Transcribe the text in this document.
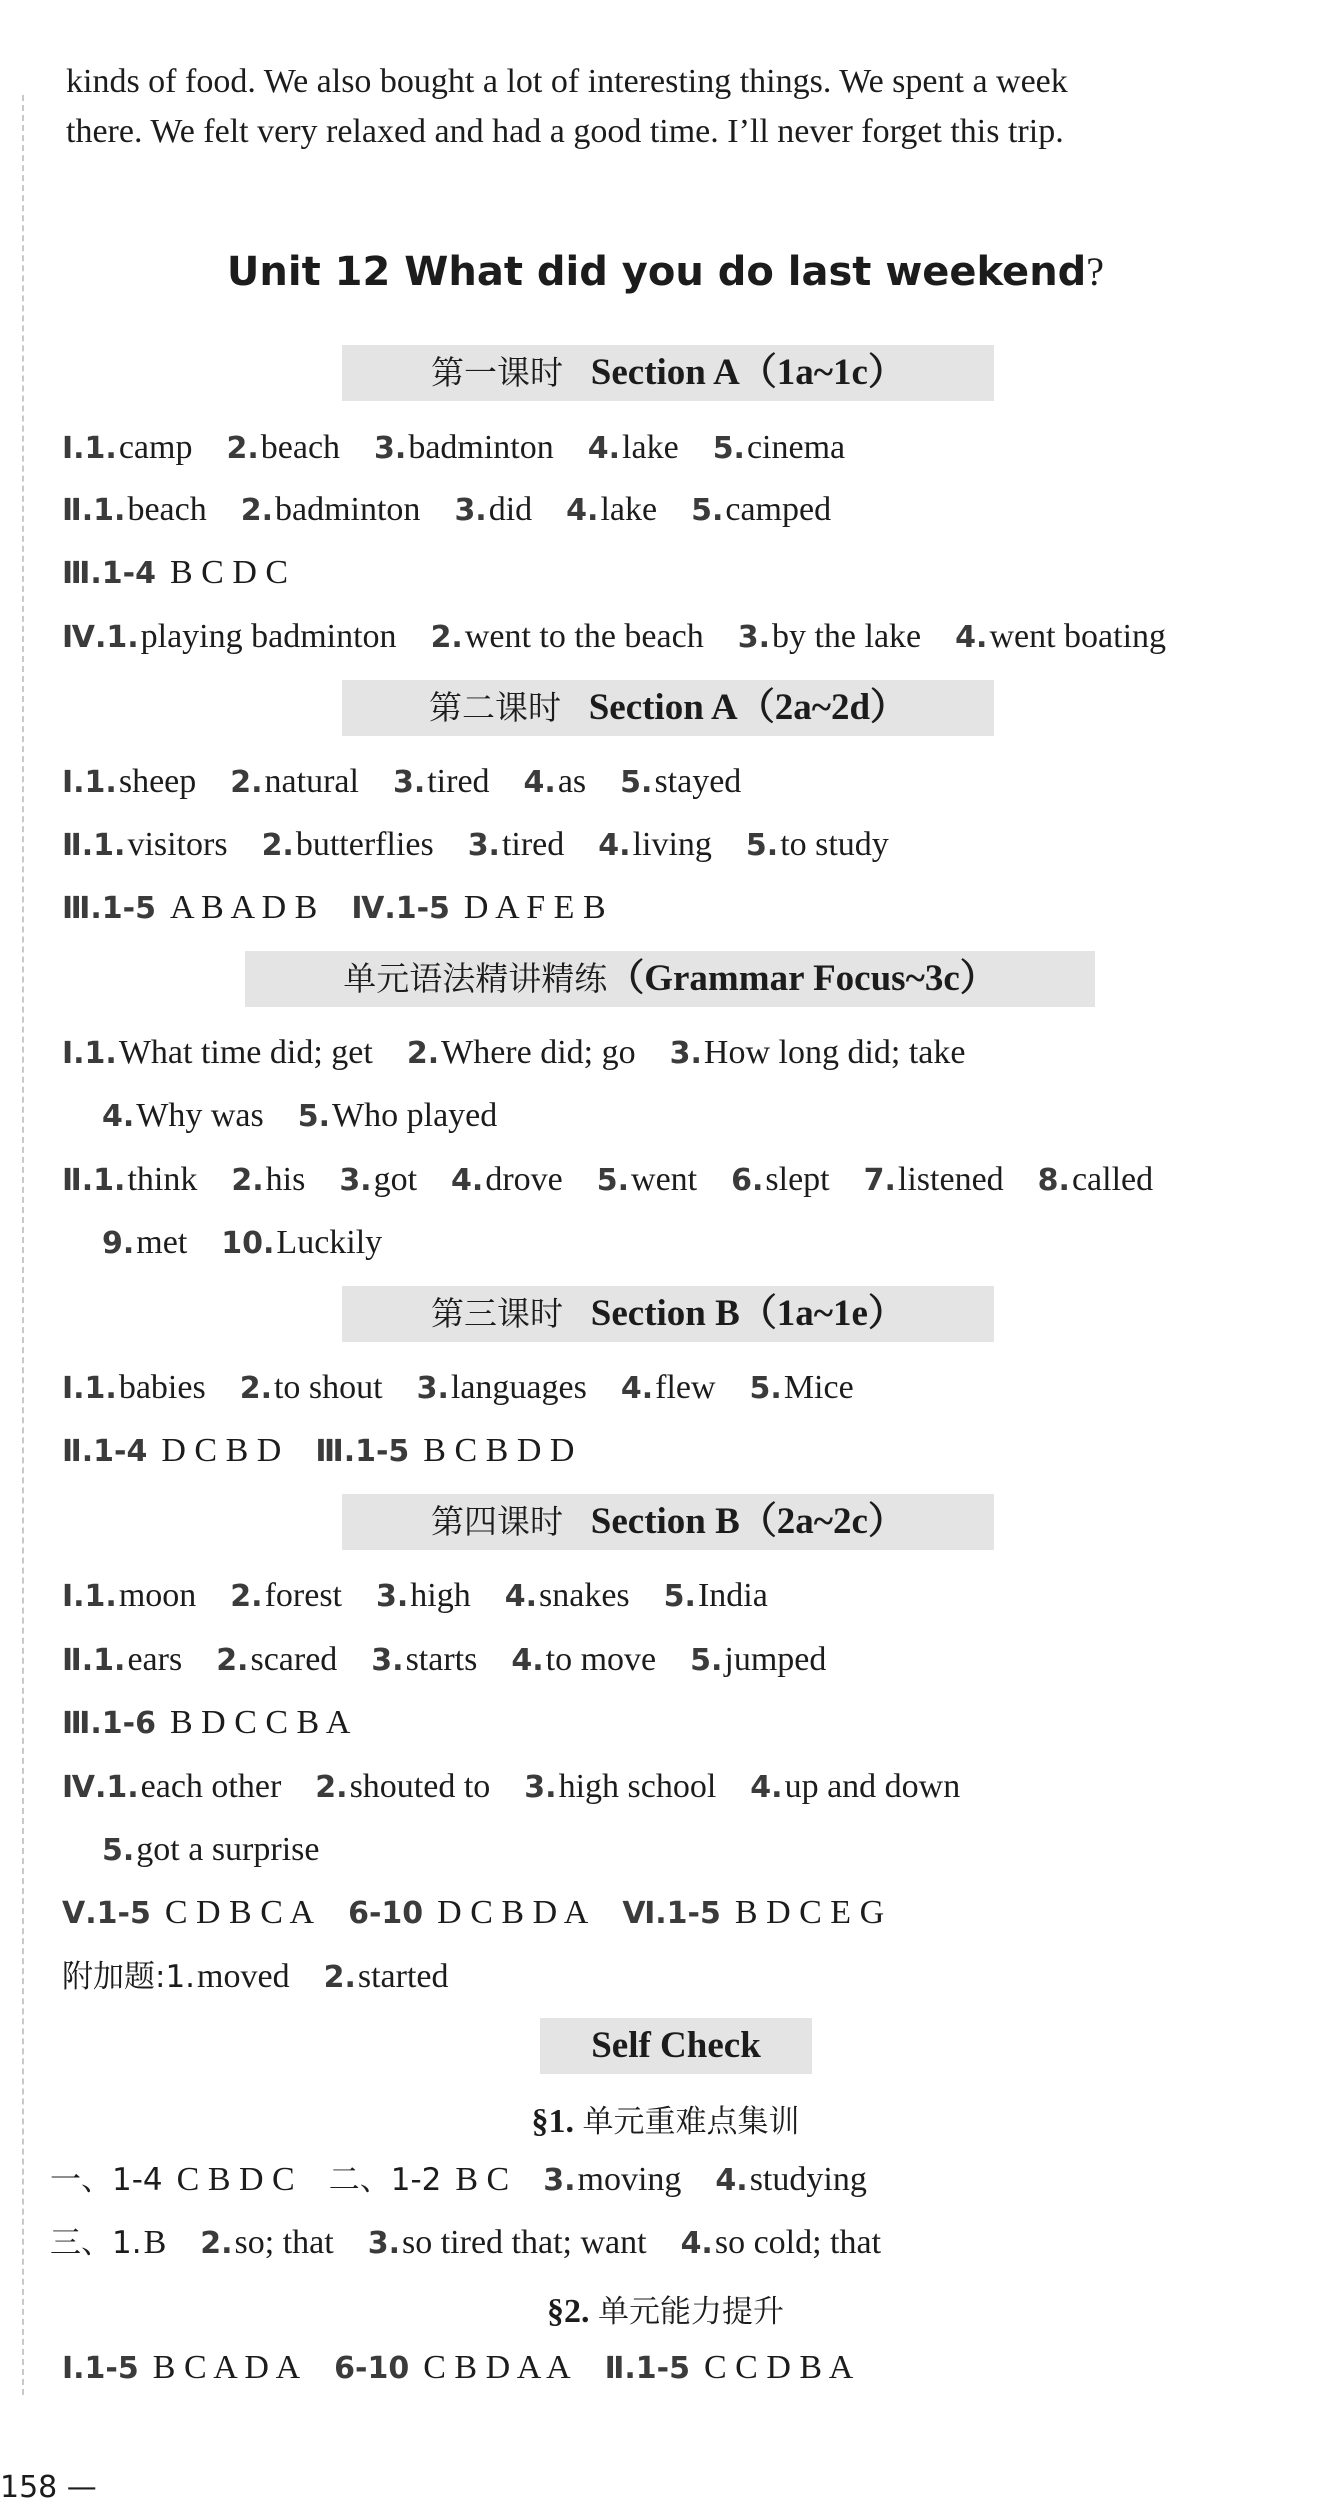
kinds of food. We also bought a lot of interesting things. We spent a week
there. We felt very relaxed and had a good time. I’ll never forget this trip.
Unit 12 What did you do last weekend?
第一课时 Section A（1a~1c）
Ⅰ.1.camp 2.beach 3.badminton 4.lake 5.cinema
Ⅱ.1.beach 2.badminton 3.did 4.lake 5.camped
Ⅲ.1-4 B C D C
Ⅳ.1.playing badminton 2.went to the beach 3.by the lake 4.went boating
第二课时 Section A（2a~2d）
Ⅰ.1.sheep 2.natural 3.tired 4.as 5.stayed
Ⅱ.1.visitors 2.butterflies 3.tired 4.living 5.to study
Ⅲ.1-5 A B A D B Ⅳ.1-5 D A F E B
单元语法精讲精练（Grammar Focus~3c）
Ⅰ.1.What time did; get 2.Where did; go 3.How long did; take
4.Why was 5.Who played
Ⅱ.1.think 2.his 3.got 4.drove 5.went 6.slept 7.listened 8.called
9.met 10.Luckily
第三课时 Section B（1a~1e）
Ⅰ.1.babies 2.to shout 3.languages 4.flew 5.Mice
Ⅱ.1-4 D C B D Ⅲ.1-5 B C B D D
第四课时 Section B（2a~2c）
Ⅰ.1.moon 2.forest 3.high 4.snakes 5.India
Ⅱ.1.ears 2.scared 3.starts 4.to move 5.jumped
Ⅲ.1-6 B D C C B A
Ⅳ.1.each other 2.shouted to 3.high school 4.up and down
5.got a surprise
Ⅴ.1-5 C D B C A 6-10 D C B D A Ⅵ.1-5 B D C E G
附加题:1.moved 2.started
Self Check
§1. 单元重难点集训
一、1-4 C B D C 二、1-2 B C 3.moving 4.studying
三、1.B 2.so; that 3.so tired that; want 4.so cold; that
§2. 单元能力提升
Ⅰ.1-5 B C A D A 6-10 C B D A A Ⅱ.1-5 C C D B A
158 —
